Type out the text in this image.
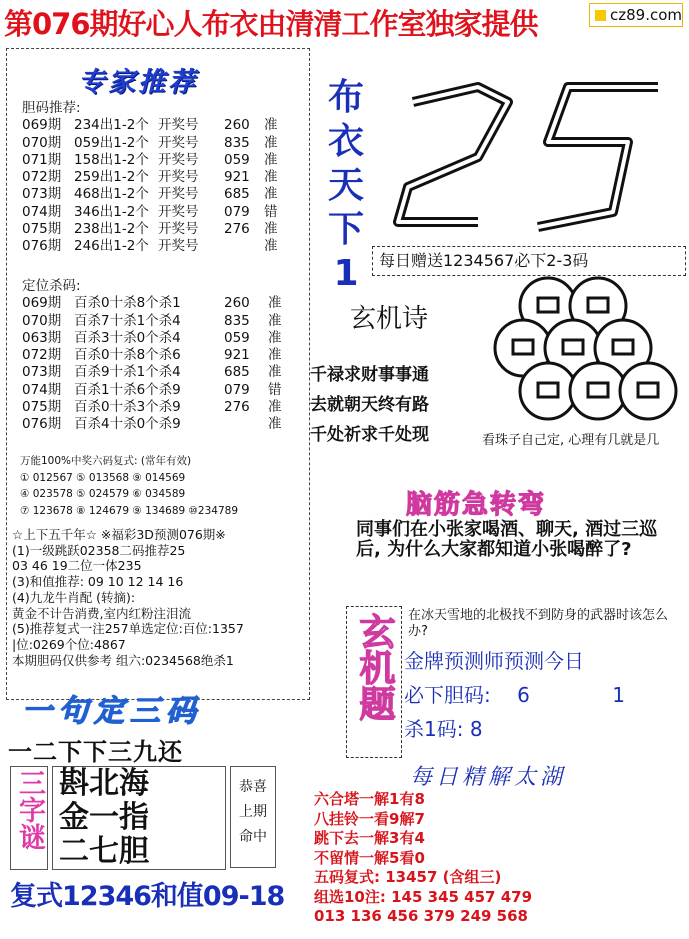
第076期好心人布衣由清清工作室独家提供	cz89.com
专家推荐
胆码推荐:
069期 234出1-2个 开奖号 260 准
070期 059出1-2个 开奖号 835 准
071期 158出1-2个 开奖号 059 准
072期 259出1-2个 开奖号 921 准
073期 468出1-2个 开奖号 685 准
074期 346出1-2个 开奖号 079 错
075期 238出1-2个 开奖号 276 准
076期 246出1-2个 开奖号	准
定位杀码:
069期 百杀0十杀8个杀1	260 准
070期 百杀7十杀1个杀4	835 准
063期 百杀3十杀0个杀4	059 准
072期 百杀0十杀8个杀6	921 准
073期 百杀9十杀1个杀4	685 准
074期 百杀1十杀6个杀9	079 错
075期 百杀0十杀3个杀9	276 准
076期 百杀4十杀0个杀9	准
万能100%中奖六码复式: (常年有效)
① 012567 ⑤ 013568 ⑨ 014569
④ 023578 ⑤ 024579 ⑥ 034589
⑦ 123678 ⑧ 124679 ⑨ 134689 ⑩234789
☆上下五千年☆ ※福彩3D预测076期※
(1)一级跳跃02358二码推荐25
03 46 19二位一体235
(3)和值推荐: 09 10 12 14 16
(4)九龙牛肖配 (转摘):
黄金不计告消费,室内红粉注泪流
(5)推荐复式一注257单选定位:百位:1357
|位:0269个位:4867
本期胆码仅供参考 组六:0234568绝杀1
一句定三码
一二下下三九还
三字谜 斟北海
金一指
二七胆
恭喜
上期
命中
复式12346和值09-18
布衣天下1	每日赠送1234567必下2-3码
玄机诗
千禄求财事事通
去就朝天终有路
千处祈求千处现	看珠子自己定, 心理有几就是几
脑筋急转弯
同事们在小张家喝酒、聊天, 酒过三巡后, 为什么大家都知道小张喝醉了?
玄机题 在冰天雪地的北极找不到防身的武器时该怎么办?
金牌预测师预测今日
必下胆码: 6	1
杀1码: 8
每日精解太湖
六合塔一解1有8
八挂铃一看9解7
跳下去一解3有4
不留情一解5看0
五码复式: 13457 (含组三)
组选10注: 145 345 457 479
013 136 456 379 249 568
